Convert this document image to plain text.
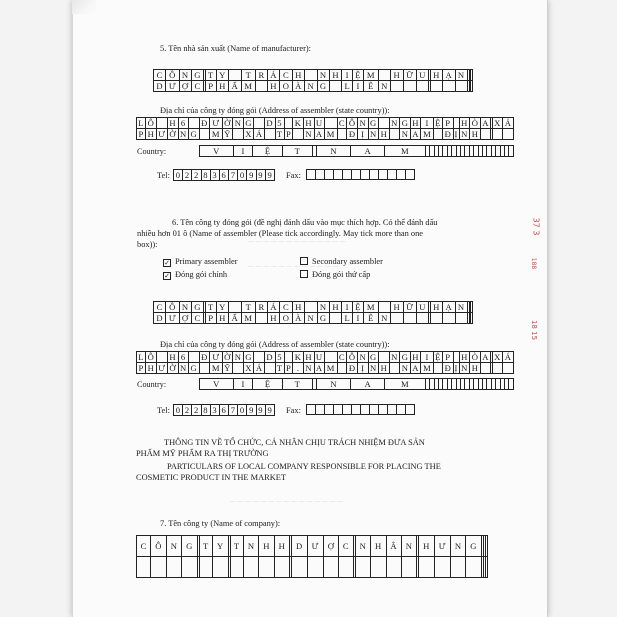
─ ─ ─ ─ ─ ─ ─ ─ ─ ─ ─ ─ ─
─ ─ ─ ─ ─ ─ ─ ─ ─ ─ ─ ─
─ ─ ─ ─ ─ ─ ─ ─ ─ ─ ─ ─ ─ ─ ─
37 3
188
18 15
5. Tên nhà sản xuất (Name of manufacturer):
C	Ô	N	G		T	Y		T	R	Á	C	H		N	H	I	Ệ	M		H	Ữ	U		H	Ạ	N			
D	Ư	Ợ	C		P	H	Ẩ	M		H	O	À	N	G		L	I	Ê	N										
Địa chỉ của công ty đóng gói (Address of assembler (state country)):
L	Ô		H	6		Đ	Ư	Ờ	N	G		D	5		K	H	U		C	Ô	N	G		N	G	H	I	Ệ	P		H	Ò	A		X	Á
P	H	Ư	Ờ	N	G		M	Ỹ		X	Á		T	P		N	A	M		Đ	Ị	N	H		N	A	M		Đ	Ị	N	H				
Country:	V	I	Ệ	T		N	A	M																				
Tel: 0	2	2	8	3	6	7	0	9	9	9 Fax:

6. Tên công ty đóng gói (đề nghị đánh dấu vào mục thích hợp. Có thể đánh dấu
nhiều hơn 01 ô (Name of assembler (Please tick accordingly. May tick more than one
box)):
✓ Primary assembler
✓ Đóng gói chính
Secondary assembler
Đóng gói thứ cấp
C	Ô	N	G		T	Y		T	R	Á	C	H		N	H	I	Ệ	M		H	Ữ	U		H	Ạ	N			
D	Ư	Ợ	C		P	H	Ẩ	M		H	O	À	N	G		L	I	Ê	N										
Địa chỉ của công ty đóng gói (Address of assembler (state country)):
L	Ô		H	6		Đ	Ư	Ờ	N	G		D	5		K	H	U		C	Ô	N	G		N	G	H	I	Ệ	P		H	Ò	A		X	Á
P	H	Ư	Ờ	N	G		M	Ỹ		X	Á		T	P	.	N	A	M		Đ	Ị	N	H		N	A	M		Đ	Ị	N	H				
Country:	V	I	Ệ	T		N	A	M																				
Tel: 0	2	2	8	3	6	7	0	9	9	9 Fax:

THÔNG TIN VỀ TỔ CHỨC, CÁ NHÂN CHỊU TRÁCH NHIỆM ĐƯA SẢN
PHẨM MỸ PHẨM RA THỊ TRƯỜNG
PARTICULARS OF LOCAL COMPANY RESPONSIBLE FOR PLACING THE
COSMETIC PRODUCT IN THE MARKET
7. Tên công ty (Name of company):
C	Ô	N	G		T	Y		T	N	H	H		D	Ư	Ợ	C		N	H	Â	N		H	Ư	N	G			
